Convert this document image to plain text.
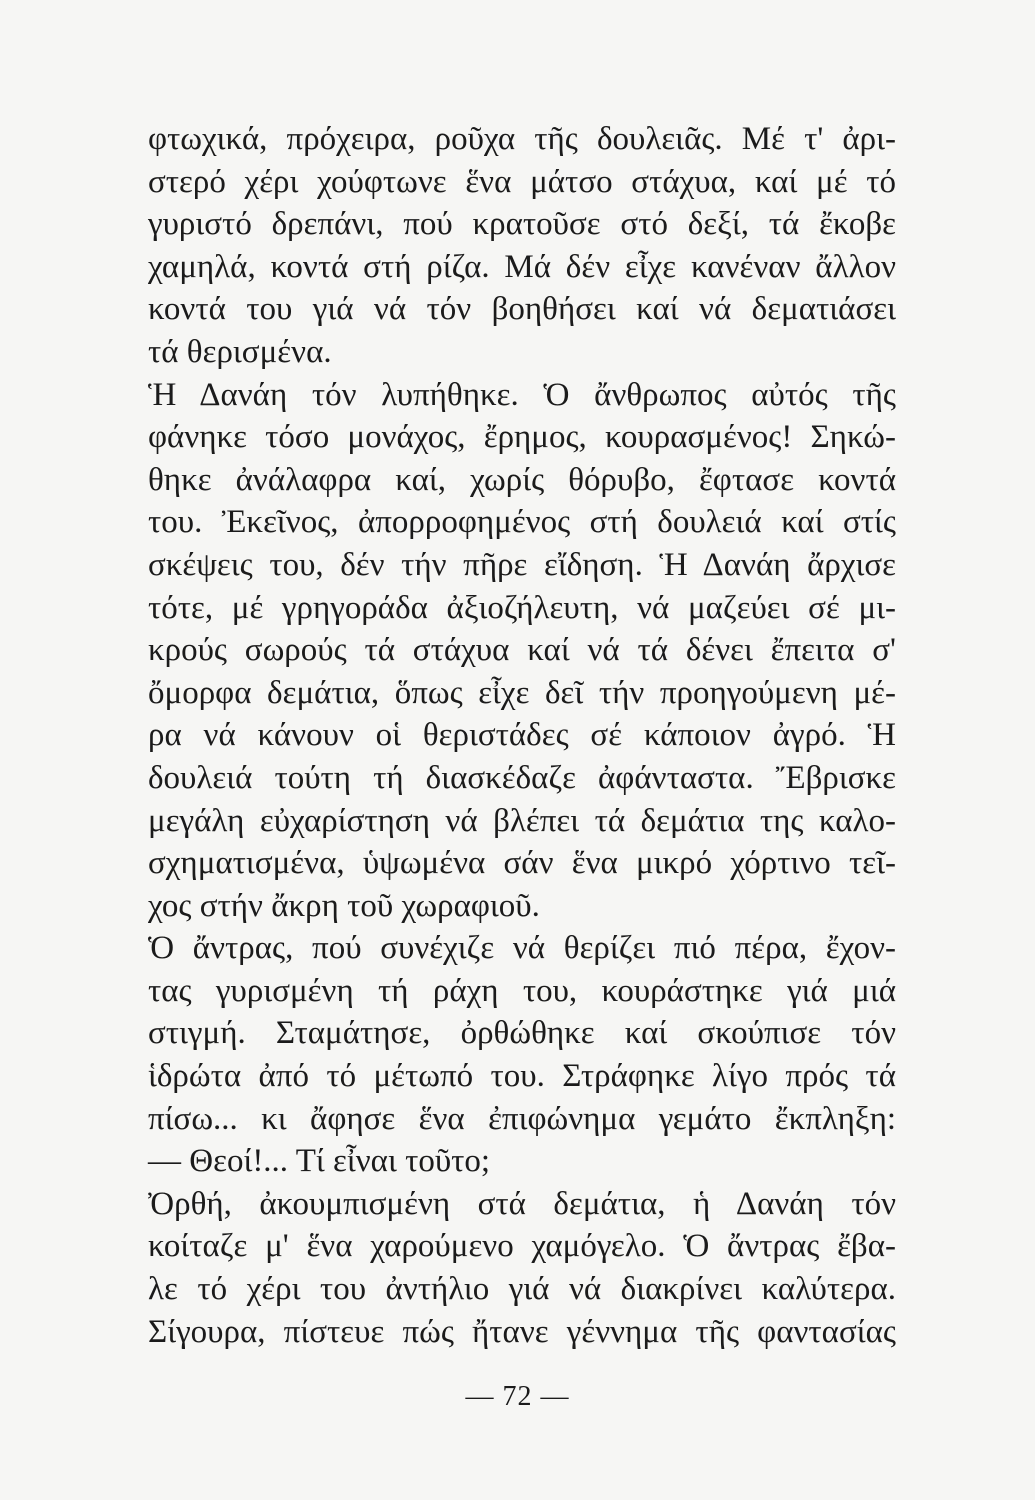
φτωχικά, πρόχειρα, ροῦχα τῆς δουλειᾶς. Μέ τ' ἀρι-
στερό χέρι χούφτωνε ἕνα μάτσο στάχυα, καί μέ τό
γυριστό δρεπάνι, πού κρατοῦσε στό δεξί, τά ἔκοβε
χαμηλά, κοντά στή ρίζα. Μά δέν εἶχε κανέναν ἄλλον
κοντά του γιά νά τόν βοηθήσει καί νά δεματιάσει
τά θερισμένα.
Ἡ Δανάη τόν λυπήθηκε. Ὁ ἄνθρωπος αὐτός τῆς
φάνηκε τόσο μονάχος, ἔρημος, κουρασμένος! Σηκώ-
θηκε ἀνάλαφρα καί, χωρίς θόρυβο, ἔφτασε κοντά
του. Ἐκεῖνος, ἀπορροφημένος στή δουλειά καί στίς
σκέψεις του, δέν τήν πῆρε εἴδηση. Ἡ Δανάη ἄρχισε
τότε, μέ γρηγοράδα ἀξιοζήλευτη, νά μαζεύει σέ μι-
κρούς σωρούς τά στάχυα καί νά τά δένει ἔπειτα σ'
ὄμορφα δεμάτια, ὅπως εἶχε δεῖ τήν προηγούμενη μέ-
ρα νά κάνουν οἱ θεριστάδες σέ κάποιον ἀγρό. Ἡ
δουλειά τούτη τή διασκέδαζε ἀφάνταστα. Ἔβρισκε
μεγάλη εὐχαρίστηση νά βλέπει τά δεμάτια της καλο-
σχηματισμένα, ὑψωμένα σάν ἕνα μικρό χόρτινο τεῖ-
χος στήν ἄκρη τοῦ χωραφιοῦ.
Ὁ ἄντρας, πού συνέχιζε νά θερίζει πιό πέρα, ἔχον-
τας γυρισμένη τή ράχη του, κουράστηκε γιά μιά
στιγμή. Σταμάτησε, ὀρθώθηκε καί σκούπισε τόν
ἱδρώτα ἀπό τό μέτωπό του. Στράφηκε λίγο πρός τά
πίσω... κι ἄφησε ἕνα ἐπιφώνημα γεμάτο ἔκπληξη:
— Θεοί!... Τί εἶναι τοῦτο;
Ὀρθή, ἀκουμπισμένη στά δεμάτια, ἡ Δανάη τόν
κοίταζε μ' ἕνα χαρούμενο χαμόγελο. Ὁ ἄντρας ἔβα-
λε τό χέρι του ἀντήλιο γιά νά διακρίνει καλύτερα.
Σίγουρα, πίστευε πώς ἤτανε γέννημα τῆς φαντασίας
— 72 —
